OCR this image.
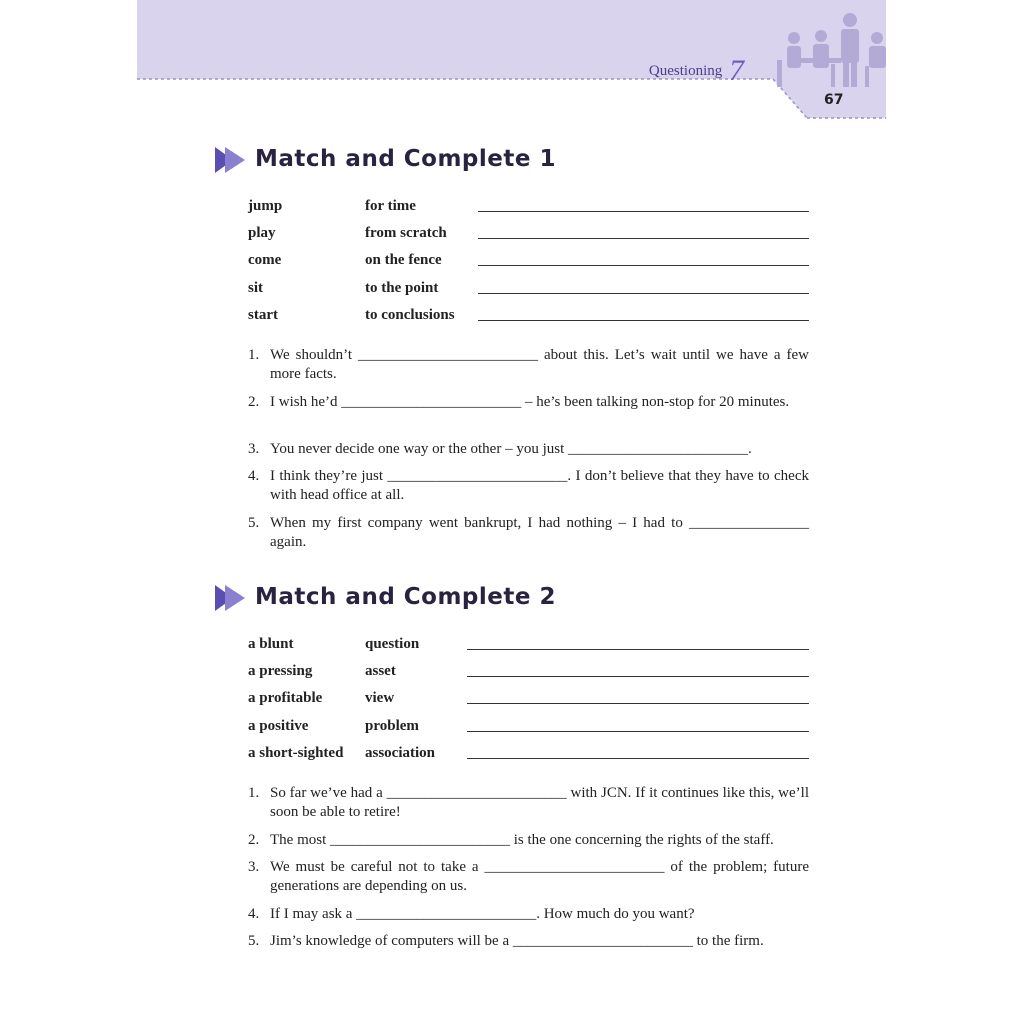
Questioning 7
67
Match and Complete 1
jump	for time
play	from scratch
come	on the fence
sit	to the point
start	to conclusions
1. We shouldn’t ________________________ about this. Let’s wait until we have a few more facts.
2. I wish he’d ________________________ – he’s been talking non-stop for 20 minutes.
3. You never decide one way or the other – you just ________________________.
4. I think they’re just ________________________. I don’t believe that they have to check with head office at all.
5. When my first company went bankrupt, I had nothing – I had to ________________ again.
Match and Complete 2
a blunt	question
a pressing	asset
a profitable	view
a positive	problem
a short-sighted association
1. So far we’ve had a ________________________ with JCN. If it continues like this, we’ll soon be able to retire!
2. The most ________________________ is the one concerning the rights of the staff.
3. We must be careful not to take a ________________________ of the problem; future generations are depending on us.
4. If I may ask a ________________________. How much do you want?
5. Jim’s knowledge of computers will be a ________________________ to the firm.
